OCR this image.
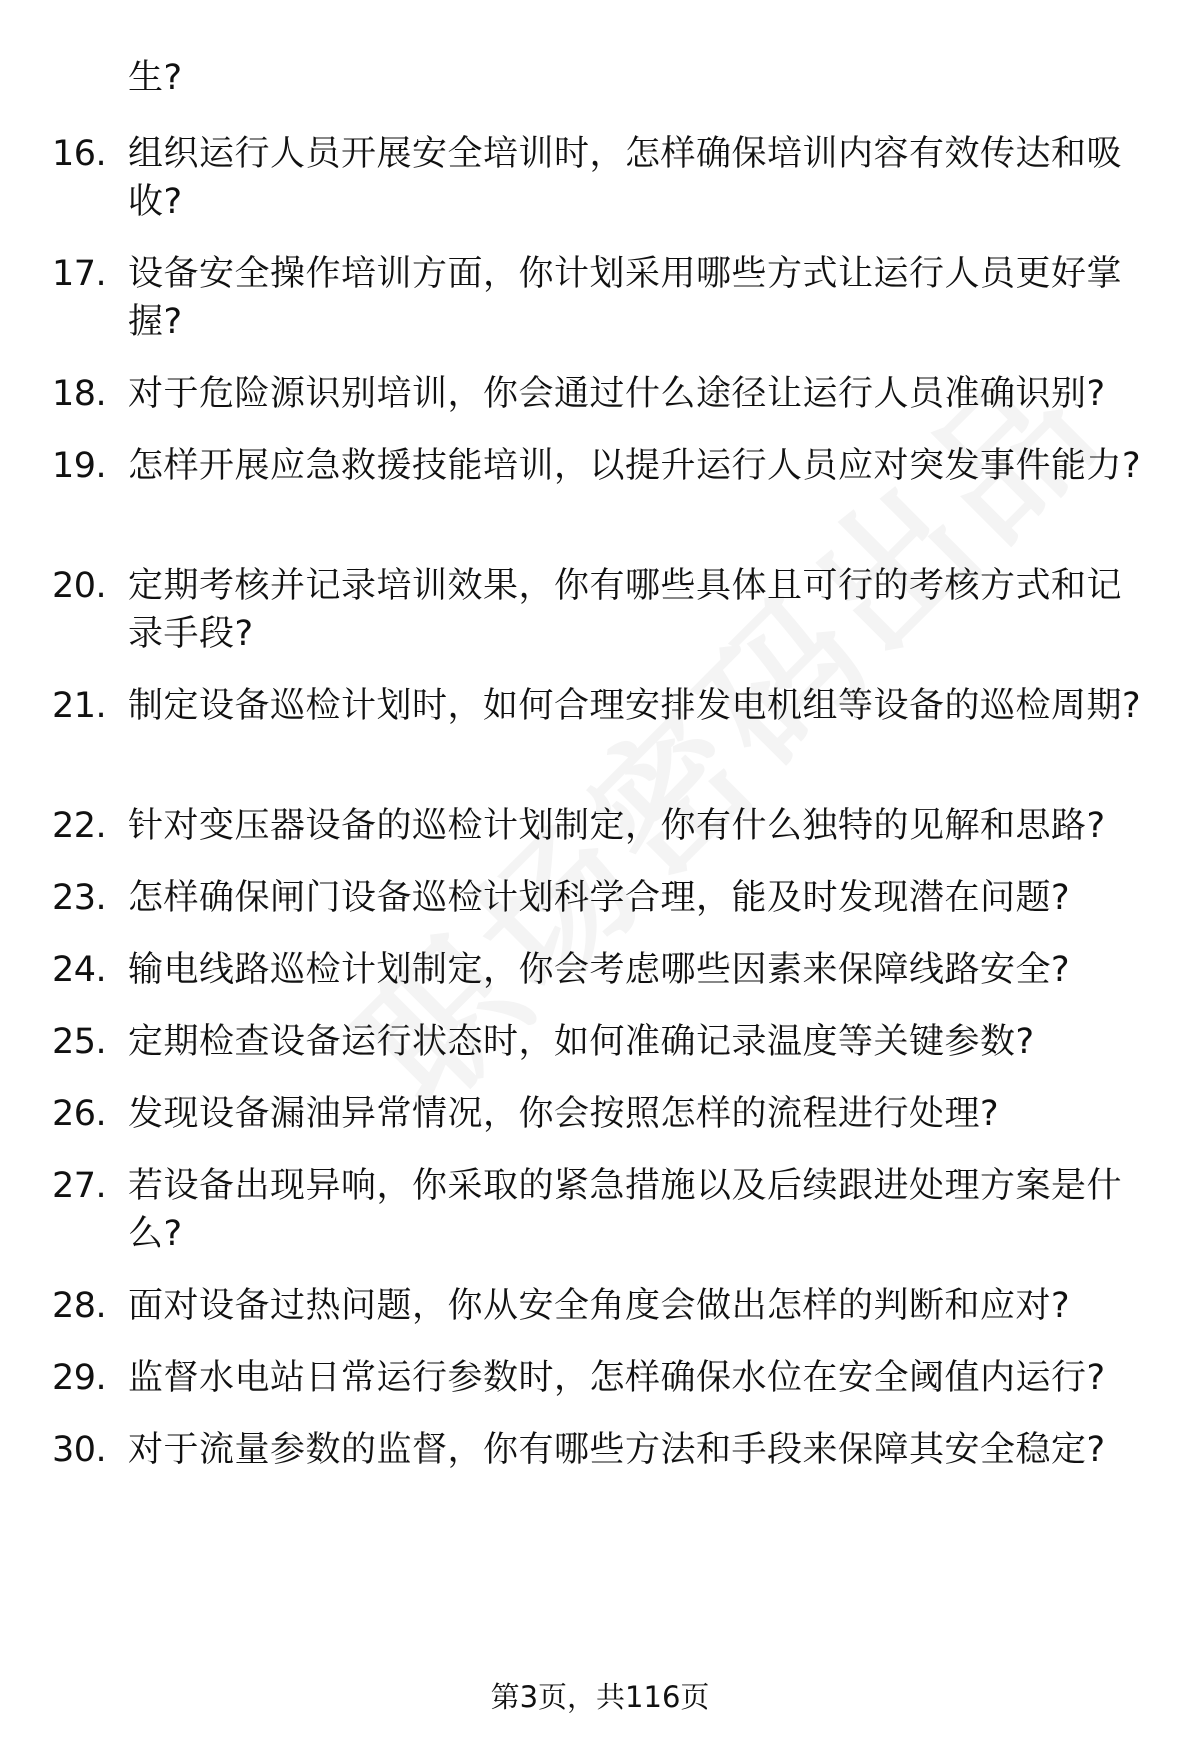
生?
16. 组织运行人员开展安全培训时，怎样确保培训内容有效传达和吸收?
17. 设备安全操作培训方面，你计划采用哪些方式让运行人员更好掌握?
18. 对于危险源识别培训，你会通过什么途径让运行人员准确识别?
19. 怎样开展应急救援技能培训，以提升运行人员应对突发事件能力?
20. 定期考核并记录培训效果，你有哪些具体且可行的考核方式和记录手段?
21. 制定设备巡检计划时，如何合理安排发电机组等设备的巡检周期?
22. 针对变压器设备的巡检计划制定，你有什么独特的见解和思路?
23. 怎样确保闸门设备巡检计划科学合理，能及时发现潜在问题?
24. 输电线路巡检计划制定，你会考虑哪些因素来保障线路安全?
25. 定期检查设备运行状态时，如何准确记录温度等关键参数?
26. 发现设备漏油异常情况，你会按照怎样的流程进行处理?
27. 若设备出现异响，你采取的紧急措施以及后续跟进处理方案是什么?
28. 面对设备过热问题，你从安全角度会做出怎样的判断和应对?
29. 监督水电站日常运行参数时，怎样确保水位在安全阈值内运行?
30. 对于流量参数的监督，你有哪些方法和手段来保障其安全稳定?
第3页，共116页
